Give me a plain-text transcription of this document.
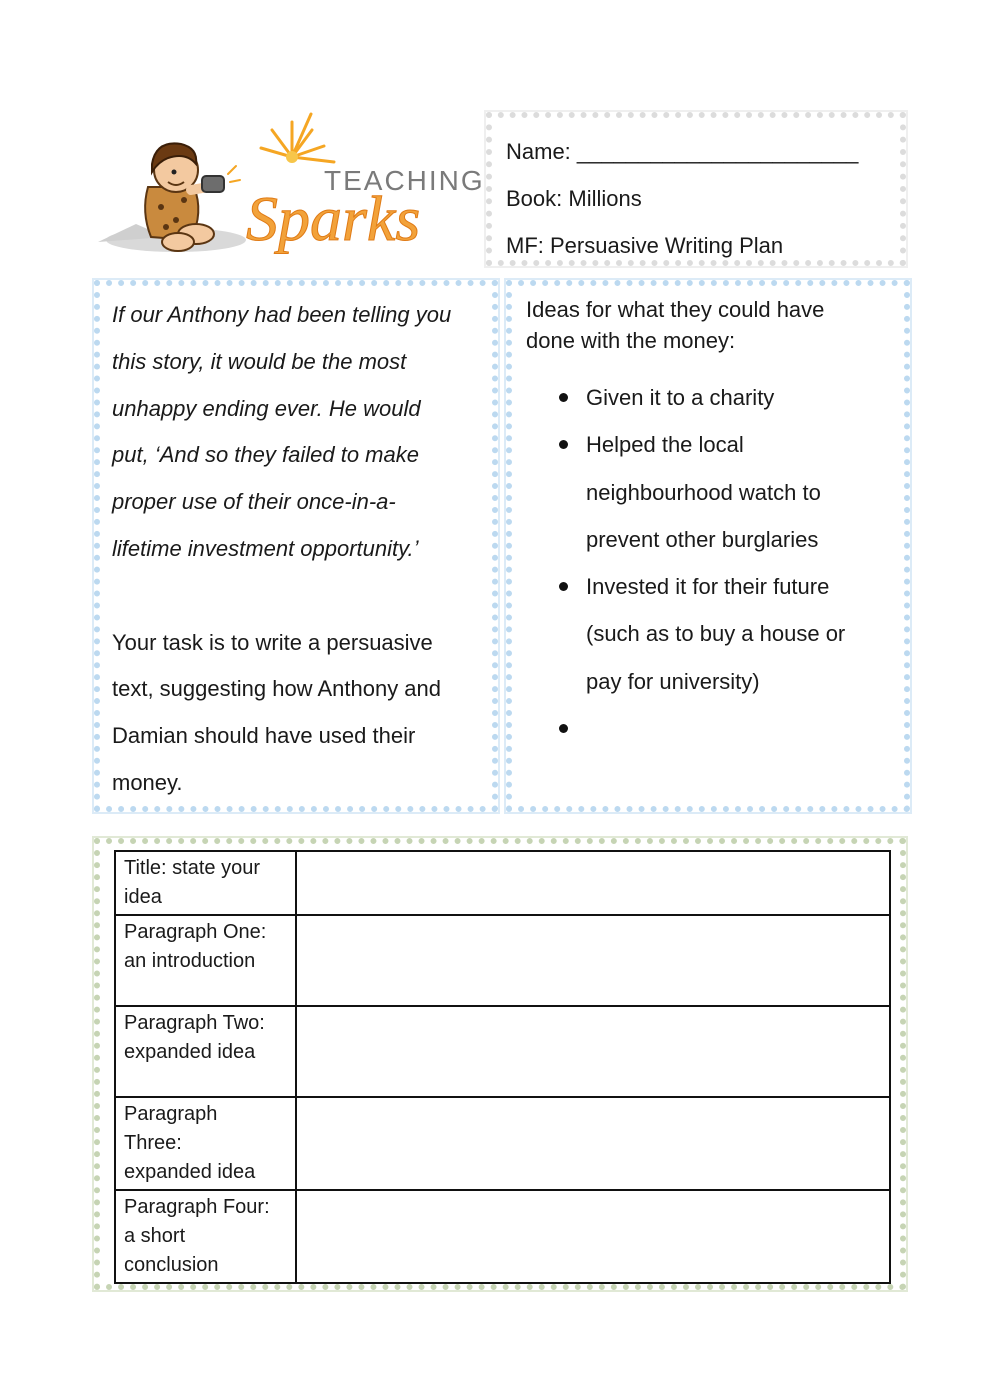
TEACHING
Sparks
Name: _______________________
Book: Millions
MF: Persuasive Writing Plan
If our Anthony had been telling you
this story, it would be the most
unhappy ending ever. He would
put, ‘And so they failed to make
proper use of their once-in-a-
lifetime investment opportunity.’

Your task is to write a persuasive
text, suggesting how Anthony and
Damian should have used their
money.
Ideas for what they could have
done with the money:
Given it to a charity
Helped the local
neighbourhood watch to
prevent other burglaries
Invested it for their future
(such as to buy a house or
pay for university)

Title: state your
idea	

Paragraph One:
an introduction	

Paragraph Two:
expanded idea	

Paragraph
Three:
expanded idea	

Paragraph Four:
a short
conclusion	
